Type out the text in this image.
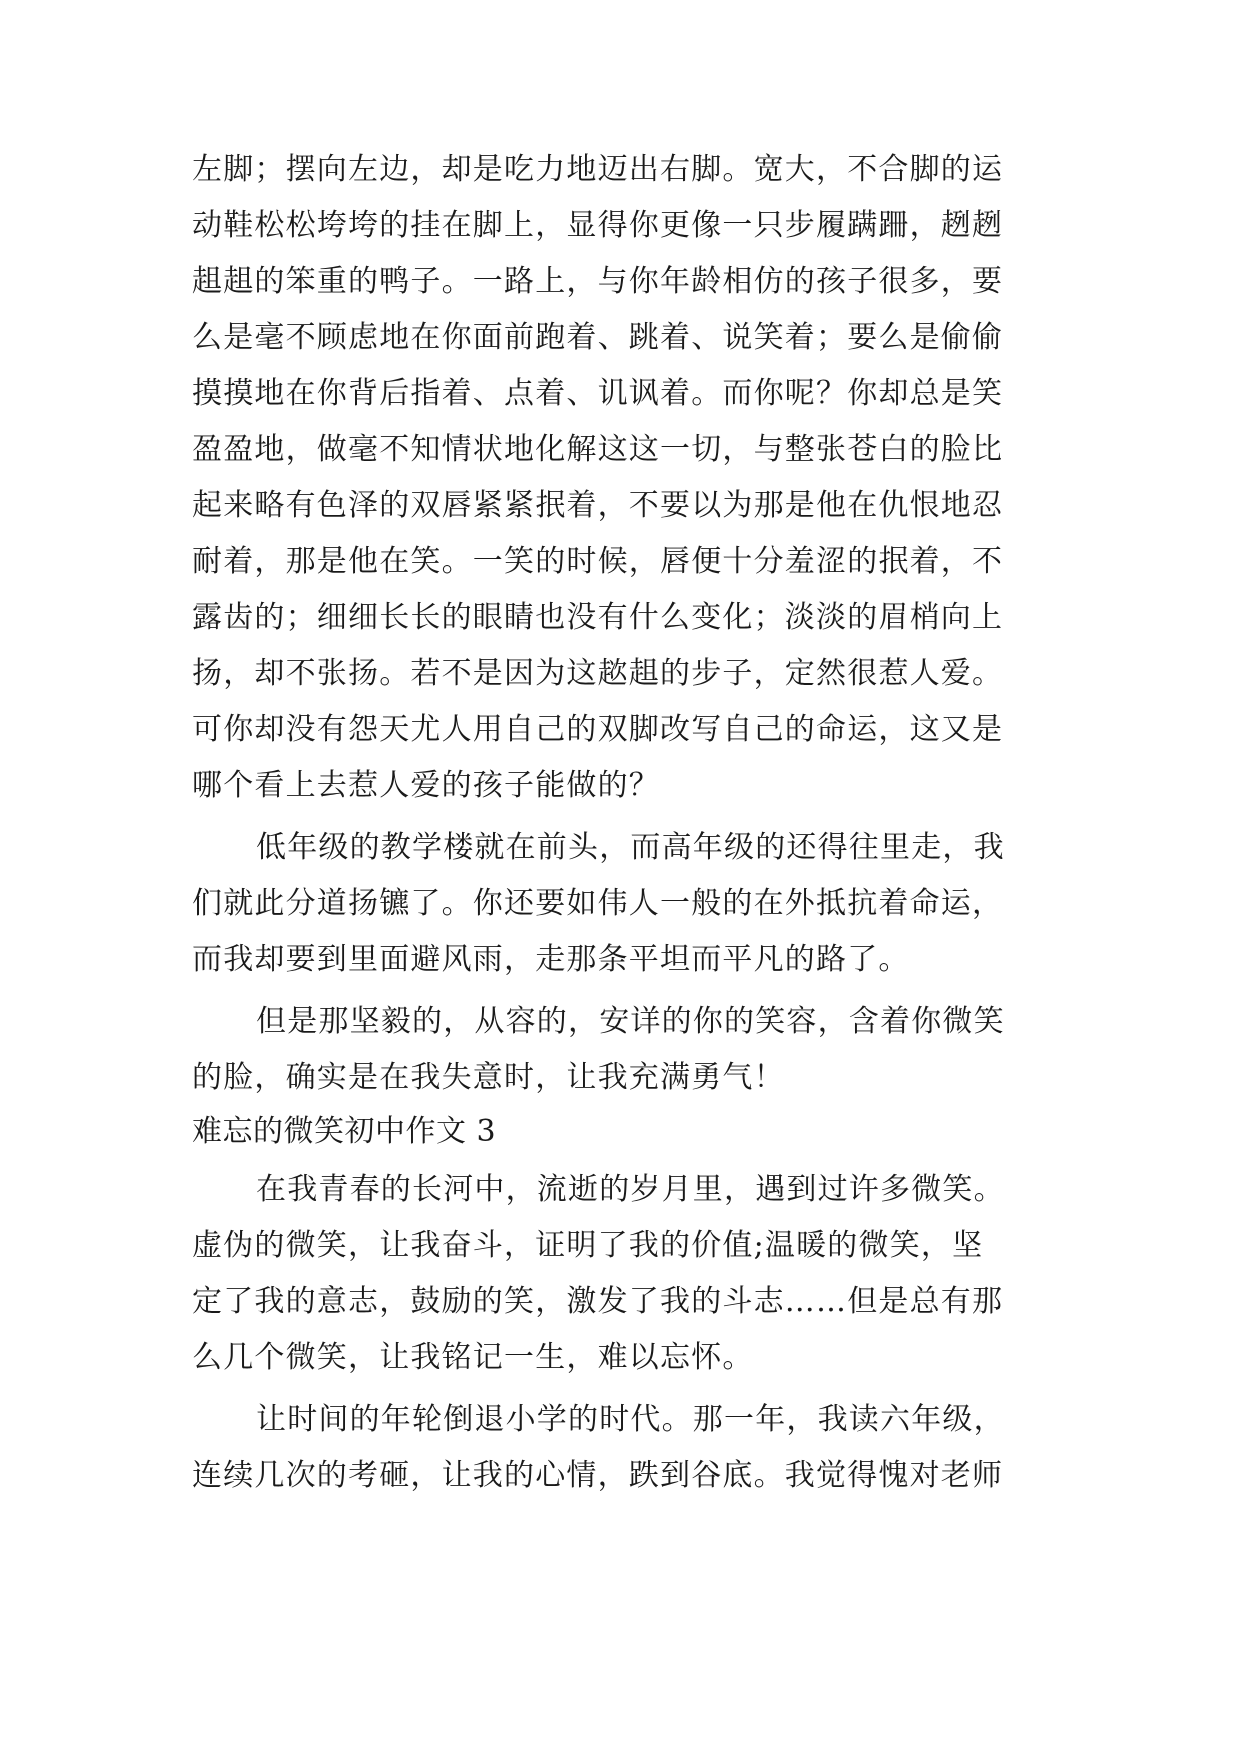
左脚；摆向左边，却是吃力地迈出右脚。宽大，不合脚的运
动鞋松松垮垮的挂在脚上，显得你更像一只步履蹒跚，趔趔
趄趄的笨重的鸭子。一路上，与你年龄相仿的孩子很多，要
么是毫不顾虑地在你面前跑着、跳着、说笑着；要么是偷偷
摸摸地在你背后指着、点着、讥讽着。而你呢？你却总是笑
盈盈地，做毫不知情状地化解这这一切，与整张苍白的脸比
起来略有色泽的双唇紧紧抿着，不要以为那是他在仇恨地忍
耐着，那是他在笑。一笑的时候，唇便十分羞涩的抿着，不
露齿的；细细长长的眼睛也没有什么变化；淡淡的眉梢向上
扬，却不张扬。若不是因为这趑趄的步子，定然很惹人爱。
可你却没有怨天尤人用自己的双脚改写自己的命运，这又是
哪个看上去惹人爱的孩子能做的？
低年级的教学楼就在前头，而高年级的还得往里走，我
们就此分道扬镳了。你还要如伟人一般的在外抵抗着命运，
而我却要到里面避风雨，走那条平坦而平凡的路了。
但是那坚毅的，从容的，安详的你的笑容，含着你微笑
的脸，确实是在我失意时，让我充满勇气！
难忘的微笑初中作文 3
在我青春的长河中，流逝的岁月里，遇到过许多微笑。
虚伪的微笑，让我奋斗，证明了我的价值;温暖的微笑，坚
定了我的意志，鼓励的笑，激发了我的斗志……但是总有那
么几个微笑，让我铭记一生，难以忘怀。
让时间的年轮倒退小学的时代。那一年，我读六年级，
连续几次的考砸，让我的心情，跌到谷底。我觉得愧对老师
